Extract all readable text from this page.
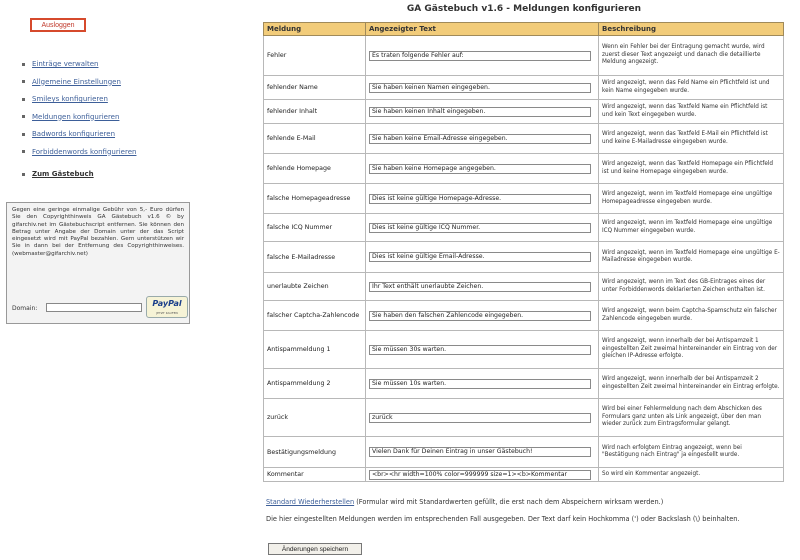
Ausloggen
Einträge verwalten
Allgemeine Einstellungen
Smileys konfigurieren
Meldungen konfigurieren
Badwords konfigurieren
Forbiddenwords konfigurieren
Zum Gästebuch
Gegen eine geringe einmalige Gebühr von 5,- Euro dürfen Sie den Copyrighthinweis GA Gästebuch v1.6 © by gifarchiv.net im Gästebuchscript entfernen. Sie können den Betrag unter Angabe der Domain unter der das Script eingesetzt wird mit PayPal bezahlen. Gern unterstützen wir Sie in dann bei der Entfernung des Copyrighthinweises. (webmaster@gifarchiv.net)
Domain:
PayPal
JETZT KAUFEN
GA Gästebuch v1.6 - Meldungen konfigurieren
Meldung	Angezeigter Text	Beschreibung
Fehler	Es traten folgende Fehler auf:	Wenn ein Fehler bei der Eintragung gemacht wurde, wird zuerst dieser Text angezeigt und danach die detaillierte Meldung angezeigt.
fehlender Name	Sie haben keinen Namen eingegeben.	Wird angezeigt, wenn das Feld Name ein Pflichtfeld ist und kein Name eingegeben wurde.
fehlender Inhalt	Sie haben keinen Inhalt eingegeben.	Wird angezeigt, wenn das Textfeld Name ein Pflichtfeld ist und kein Text eingegeben wurde.
fehlende E-Mail	Sie haben keine Email-Adresse eingegeben.	Wird angezeigt, wenn das Textfeld E-Mail ein Pflichtfeld ist und keine E-Mailadresse eingegeben wurde.
fehlende Homepage	Sie haben keine Homepage angegeben.	Wird angezeigt, wenn das Textfeld Homepage ein Pflichtfeld ist und keine Homepage eingegeben wurde.
falsche Homepageadresse	Dies ist keine gültige Homepage-Adresse.	Wird angezeigt, wenn im Textfeld Homepage eine ungültige Homepageadresse eingegeben wurde.
falsche ICQ Nummer	Dies ist keine gültige ICQ Nummer.	Wird angezeigt, wenn im Textfeld Homepage eine ungültige ICQ Nummer eingegeben wurde.
falsche E-Mailadresse	Dies ist keine gültige Email-Adresse.	Wird angezeigt, wenn im Textfeld Homepage eine ungültige E-Mailadresse eingegeben wurde.
unerlaubte Zeichen	Ihr Text enthält unerlaubte Zeichen.	Wird angezeigt, wenn im Text des GB-Eintrages eines der unter Forbiddenwords deklarierten Zeichen enthalten ist.
falscher Captcha-Zahlencode	Sie haben den falschen Zahlencode eingegeben.	Wird angezeigt, wenn beim Captcha-Spamschutz ein falscher Zahlencode eingegeben wurde.
Antispammeldung 1	Sie müssen 30s warten.	Wird angezeigt, wenn innerhalb der bei Antispamzeit 1 eingestellten Zeit zweimal hintereinander ein Eintrag von der gleichen IP-Adresse erfolgte.
Antispammeldung 2	Sie müssen 10s warten.	Wird angezeigt, wenn innerhalb der bei Antispamzeit 2 eingestellten Zeit zweimal hintereinander ein Eintrag erfolgte.
zurück	zurück	Wird bei einer Fehlermeldung nach dem Abschicken des Formulars ganz unten als Link angezeigt, über den man wieder zurück zum Eintragsformular gelangt.
Bestätigungsmeldung	Vielen Dank für Deinen Eintrag in unser Gästebuch!	Wird nach erfolgtem Eintrag angezeigt, wenn bei "Bestätigung nach Eintrag" ja eingestellt wurde.
Kommentar	<br><hr width=100% color=999999 size=1><b>Kommentar	So wird ein Kommentar angezeigt.
Standard Wiederherstellen (Formular wird mit Standardwerten gefüllt, die erst nach dem Abspeichern wirksam werden.)
Die hier eingestellten Meldungen werden im entsprechenden Fall ausgegeben. Der Text darf kein Hochkomma (') oder Backslash (\) beinhalten.
Änderungen speichern
